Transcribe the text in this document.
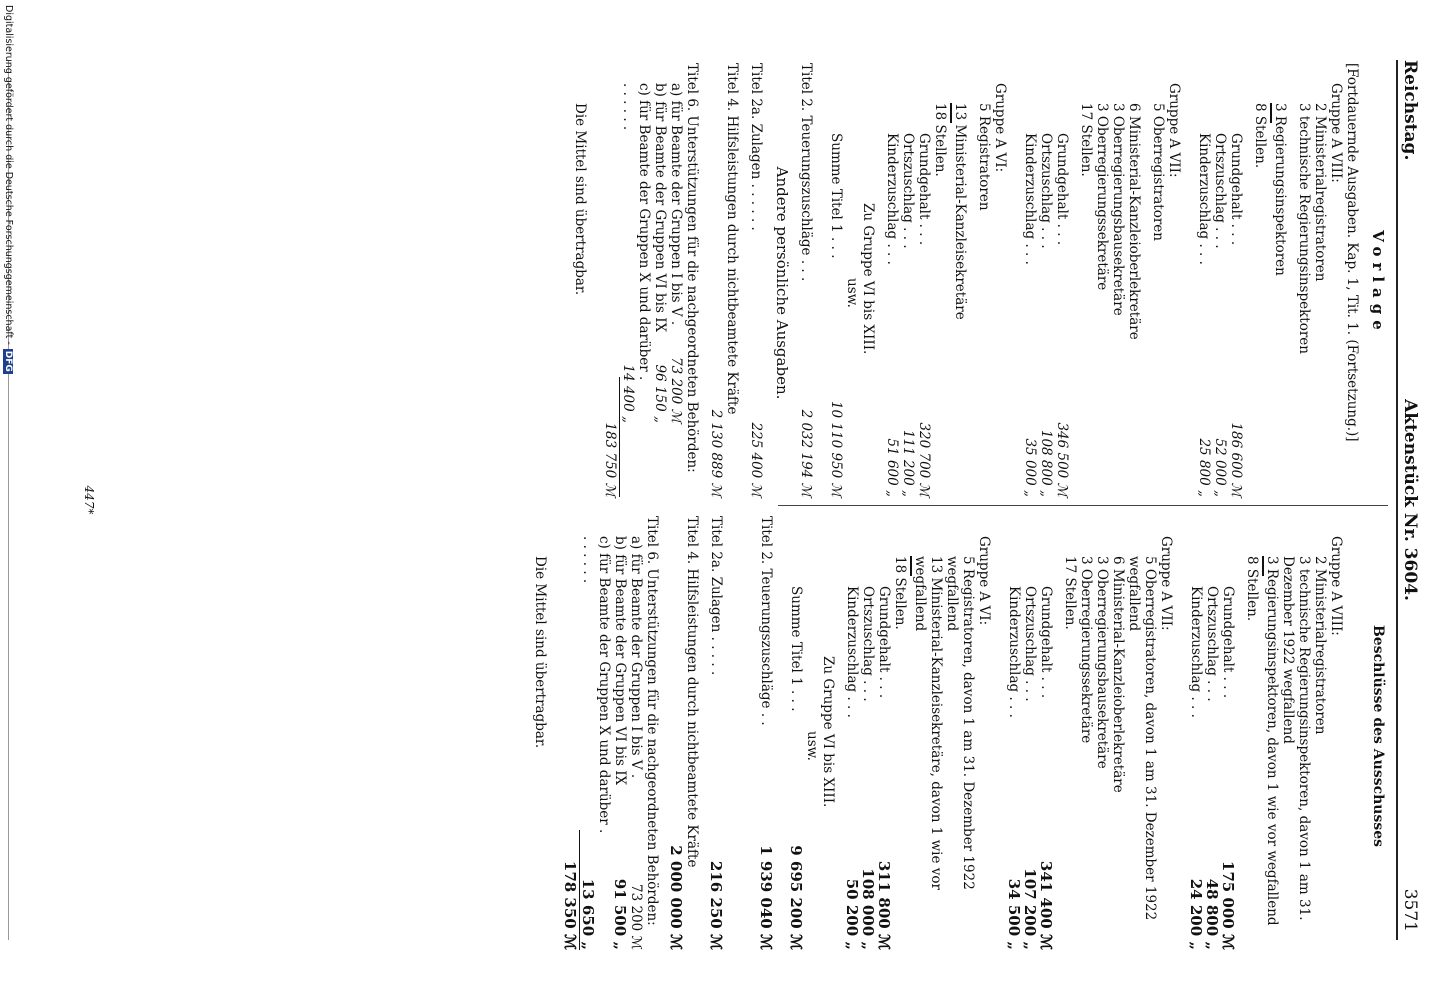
Reichstag.
Aktenstück Nr. 3604.
3571
Vorlage
[Fortdauernde Ausgaben. Kap. 1, Tit. 1. (Fortsetzung.)]
Gruppe A VIII:
2 Ministerialregistratoren
3 technische Regierungsinspektoren
3 Regierungsinspektoren
8 Stellen.
Grundgehalt . . .
186 600 ℳ
Ortszuschlag . . .
52 000 „
Kinderzuschlag . . .
25 800 „
Gruppe A VII:
5 Oberregistratoren
6 Ministerial-Kanzleioberlekretäre
3 Oberregierungsbausekretäre
3 Oberregierungssekretäre
17 Stellen.
Grundgehalt . . .
346 500 ℳ
Ortszuschlag . . .
108 800 „
Kinderzuschlag . . .
35 000 „
Gruppe A VI:
5 Registratoren
13 Ministerial-Kanzleisekretäre
18 Stellen.
Grundgehalt . . .
320 700 ℳ
Ortszuschlag . . .
111 200 „
Kinderzuschlag . . .
51 600 „
Zu Gruppe VI bis XIII.
usw.
Summe Titel 1 . . .
10 110 950 ℳ
Titel 2. Teuerungszuschläge . . .
2 032 194 ℳ
Andere persönliche Ausgaben.
Titel 2a. Zulagen . . . . . .
225 400 ℳ
Titel 4. Hilfsleistungen durch nichtbeamtete Kräfte
2 130 889 ℳ
Titel 6. Unterstützungen für die nachgeordneten Behörden:
a) für Beamte der Gruppen I bis V .
73 200 ℳ
b) für Beamte der Gruppen VI bis IX
96 150 „
c) für Beamte der Gruppen X und darüber . . . . . . .
14 400 „
183 750 ℳ
Die Mittel sind übertragbar.
Beschlüsse des Ausschusses
Gruppe A VIII:
2 Ministerialregistratoren
3 technische Regierungsinspektoren, davon 1 am 31. Dezember 1922 wegfallend
3 Regierungsinspektoren, davon 1 wie vor wegfallend
8 Stellen.
Grundgehalt . . .
175 000 ℳ
Ortszuschlag . . .
48 800 „
Kinderzuschlag . . .
24 200 „
Gruppe A VII:
5 Oberregistratoren, davon 1 am 31. Dezember 1922 wegfallend
6 Ministerial-Kanzleioberlekretäre
3 Oberregierungsbausekretäre
3 Oberregierungssekretäre
17 Stellen.
Grundgehalt . . .
341 400 ℳ
Ortszuschlag . . .
107 200 „
Kinderzuschlag . . .
34 500 „
Gruppe A VI:
5 Registratoren, davon 1 am 31. Dezember 1922 wegfallend
13 Ministerial-Kanzleisekretäre, davon 1 wie vor wegfallend
18 Stellen.
Grundgehalt . . .
311 800 ℳ
Ortszuschlag . . .
108 000 „
Kinderzuschlag . . .
50 200 „
Zu Gruppe VI bis XIII.
usw.
Summe Titel 1 . . .
9 695 200 ℳ
Titel 2. Teuerungszuschläge . .
1 939 040 ℳ
Titel 2a. Zulagen . . . . .
216 250 ℳ
Titel 4. Hilfsleistungen durch nichtbeamtete Kräfte
2 000 000 ℳ
Titel 6. Unterstützungen für die nachgeordneten Behörden:
a) für Beamte der Gruppen I bis V .
73 200 ℳ
b) für Beamte der Gruppen VI bis IX
91 500 „
c) für Beamte der Gruppen X und darüber . . . . . . .
13 650 „
178 350 ℳ
Die Mittel sind übertragbar.
447*
Digitalisierung gefördert durch die Deutsche Forschungsgemeinschaft -DFG
